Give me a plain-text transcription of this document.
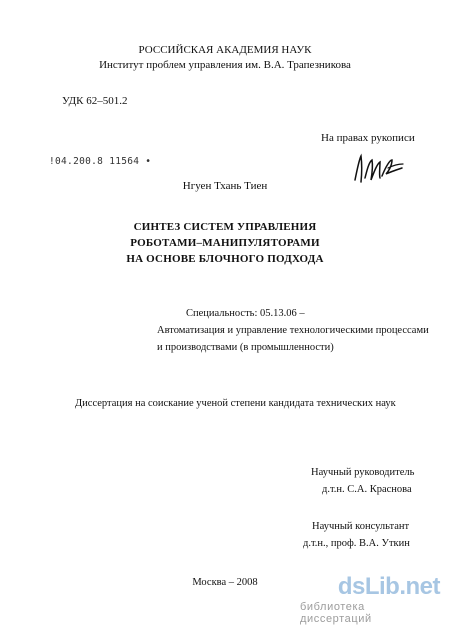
РОССИЙСКАЯ АКАДЕМИЯ НАУК
Институт проблем управления им. В.А. Трапезникова
УДК 62–501.2
На правах рукописи
!04.200.8 11564 •
Нгуен Тхань Тиен
СИНТЕЗ СИСТЕМ УПРАВЛЕНИЯ
РОБОТАМИ–МАНИПУЛЯТОРАМИ
НА ОСНОВЕ БЛОЧНОГО ПОДХОДА
Специальность: 05.13.06 –
Автоматизация и управление технологическими процессами
и производствами (в промышленности)
Диссертация на соискание ученой степени кандидата технических наук
Научный руководитель
д.т.н. С.А. Краснова
Научный консультант
д.т.н., проф. В.А. Уткин
Москва – 2008	dsLib.net
библиотека диссертаций
